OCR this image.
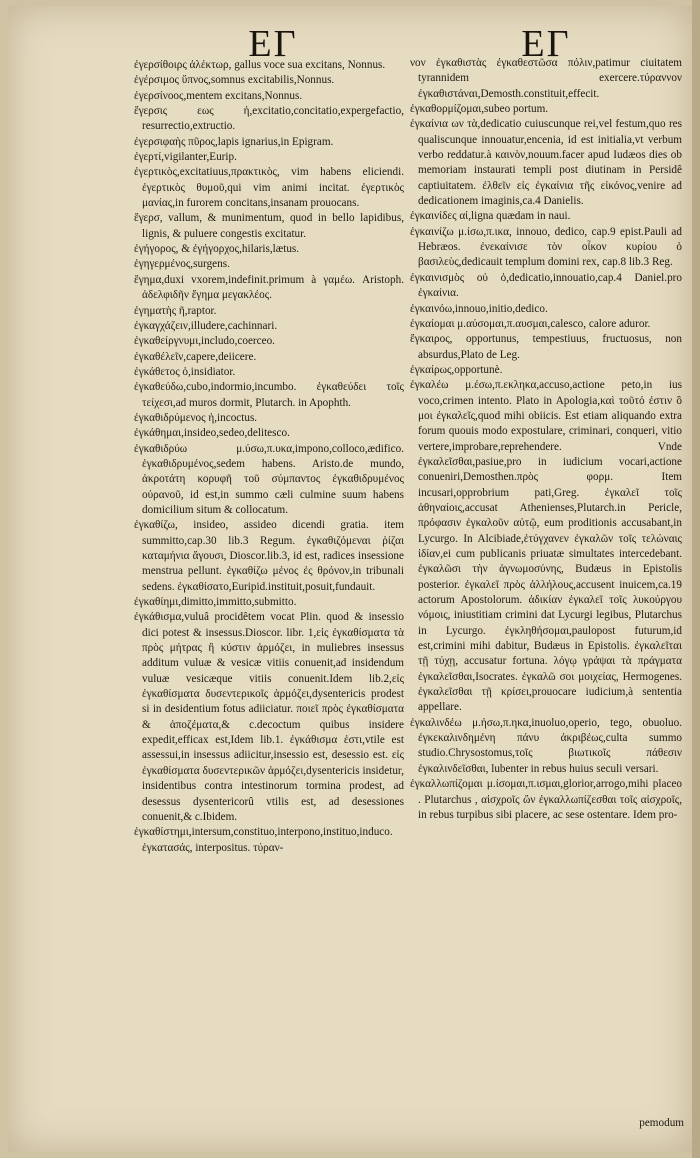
ΕΓ

ἐγερσίθοιρς ἀλέκτωρ, gallus voce sua excitans, Nonnus.

ἐγέρσιμος ὕπνος,somnus excitabilis,Nonnus.

ἐγερσίνοος,mentem excitans,Nonnus.

ἔγερσις εως ἡ,excitatio,concitatio,expergefactio, resurrectio,extructio.

ἐγερσιφαὴς πῦρος,lapis ignarius,in Epigram.

ἐγερτί,vigilanter,Eurip.

ἐγερτικὸς,excitatiuus,πρακτικὸς, vim habens eliciendi. ἐγερτικὸς θυμοῦ,qui vim animi incitat. ἐγερτικὸς μανίας,in furorem concitans,insanam prouocans.

ἔγερσ, vallum, & munimentum, quod in bello lapidibus, lignis, & puluere congestis excitatur.

ἐγήγορος, & ἐγήγορχος,hilaris,lætus.

ἐγηγερμένος,surgens.

ἔγημα,duxi vxorem,indefinit.primum à γαμέω. Aristoph. ἀδελφιδῆν ἔγημα μεγακλέος.

ἐγηματὴς ῆ,raptor.

ἐγκαγχάζειν,illudere,cachinnari.

ἐγκαθείργνυμι,includo,coerceo.

ἐγκαθέλεῖν,capere,deiicere.

ἐγκάθετος ὁ,insidiator.

ἐγκαθεύδω,cubo,indormio,incumbo. ἐγκαθεύδει τοῖς τείχεσι,ad muros dormit, Plutarch. in Apophth.

ἐγκαθιδρύμενος ἡ,incoctus.

ἐγκάθημαι,insideo,sedeo,delitesco.

ἐγκαθιδρύω μ.ύσω,π.υκα,impono,colloco,ædifico. ἐγκαθιδρυμένος,sedem habens. Aristo.de mundo, ἀκροτάτη κορυφῆ τοῦ σύμπαντος ἐγκαθιδρυμένος οὐρανοῦ, id est,in summo cæli culmine suum habens domicilium situm & collocatum.

ἐγκαθίζω, insideo, assideo dicendi gratia. item summitto,cap.30 lib.3 Regum. ἐγκαθιζόμεναι ῥίζαι καταμήνια ἄγουσι, Dioscor.lib.3, id est, radices insessione menstrua pellunt. ἐγκαθίζω μένος ἐς θρόνον,in tribunali sedens. ἐγκαθίσατο,Euripid.instituit,posuit,fundauit.

ἐγκαθίημι,dimitto,immitto,submitto.

ἐγκάθισμα,vuluâ procidêtem vocat Plin. quod & insessio dici potest & insessus.Dioscor. libr. 1,εἰς ἐγκαθίσματα τὰ πρὸς μήτρας ἢ κύστιν ἁρμόζει, in muliebres insessus additum vuluæ & vesicæ vitiis conuenit,ad insidendum vuluæ vesicæque vitiis conuenit.Idem lib.2,εἰς ἐγκαθίσματα δυσεντερικοῖς ἁρμόζει,dysentericis prodest si in desidentium fotus adiiciatur. ποιεῖ πρὸς ἐγκαθίσματα & ἀποζέματα,& c.decoctum quibus insidere expedit,efficax est,Idem lib.1. ἐγκάθισμα ἐστι,vtile est assessui,in insessus adiicitur,insessio est, desessio est. εἰς ἐγκαθίσματα δυσεντερικῶν ἁρμόζει,dysentericis insidetur, insidentibus contra intestinorum tormina prodest, ad desessus dysentericorû vtilis est, ad desessiones conuenit,& c.Ibidem.

ἐγκαθίστημι,intersum,constituo,interpono,instituo,induco. ἐγκατασάς, interpositus. τύραν-

ΕΓ

νον ἐγκαθιστὰς ἐγκαθεστῶσα πόλιν,patimur ciuitatem tyrannidem exercere.τύραννον ἐγκαθιστάναι,Demosth.constituit,effecit.

ἐγκαθορμίζομαι,subeo portum.

ἐγκαίνια ων τὰ,dedicatio cuiuscunque rei,vel festum,quo res qualiscunque innouatur,encenia, id est initialia,vt verbum verbo reddatur.à καινὸν,nouum.facer apud Iudæos dies ob memoriam instaurati templi post diutinam in Persidê captiuitatem. ἐλθεῖν εἰς ἐγκαίνια τῆς εἰκόνος,venire ad dedicationem imaginis,ca.4 Danielis.

ἐγκαινίδες αἱ,ligna quædam in naui.

ἐγκαινίζω μ.ίσω,π.ικα, innouo, dedico, cap.9 epist.Pauli ad Hebræos. ἐνεκαίνισε τὸν οἶκον κυρίου ὁ βασιλεὺς,dedicauit templum domini rex, cap.8 lib.3 Reg.

ἐγκαινισμὸς οὐ ὁ,dedicatio,innouatio,cap.4 Daniel.pro ἐγκαίνια.

ἐγκαινόω,innouo,initio,dedico.

ἐγκαίομαι μ.αύσομαι,π.αυσμαι,calesco, calore aduror.

ἔγκαιρος, opportunus, tempestiuus, fructuosus, non absurdus,Plato de Leg.

ἐγκαίρως,opportunè.

ἐγκαλέω μ.έσω,π.εκληκα,accuso,actione peto,in ius voco,crimen intento. Plato in Apologia,καὶ τοῦτό ἐστιν ὃ μοι ἐγκαλεῖς,quod mihi obiicis. Est etiam aliquando extra forum quouis modo expostulare, criminari, conqueri, vitio vertere,improbare,reprehendere. Vnde ἐγκαλεῖσθαι,pasiue,pro in iudicium vocari,actione conueniri,Demosthen.πρὸς φορμ. Item incusari,opprobrium pati,Greg. ἐγκαλεῖ τοῖς ἀθηναίοις,accusat Athenienses,Plutarch.in Pericle, πρόφασιν ἐγκαλοῦν αὐτῷ, eum proditionis accusabant,in Lycurgo. In Alcibiade,ἐτύγχανεν ἐγκαλῶν τοῖς τελώναις ἰδίαν,ei cum publicanis priuatæ simultates intercedebant. ἐγκαλῶσι τὴν ἀγνωμοσύνης, Budæus in Epistolis posterior. ἐγκαλεῖ πρὸς ἀλλήλους,accusent inuicem,ca.19 actorum Apostolorum. ἀδικίαν ἐγκαλεῖ τοῖς λυκούργου νόμοις, iniustitiam crimini dat Lycurgi legibus, Plutarchus in Lycurgo. ἐγκληθήσομαι,paulopost futurum,id est,crimini mihi dabitur, Budæus in Epistolis. ἐγκαλεῖται τῇ τύχῃ, accusatur fortuna. λόγῳ γράψαι τὰ πράγματα ἐγκαλεῖσθαι,Isocrates. ἐγκαλῶ σοι μοιχείας, Hermogenes. ἐγκαλεῖσθαι τῇ κρίσει,prouocare iudicium,à sententia appellare.

ἐγκαλινδέω μ.ήσω,π.ηκα,inuoluo,operio, tego, obuoluo. ἐγκεκαλινδημένη πάνυ ἀκριβέως,culta summo studio.Chrysostomus,τοῖς βιωτικοῖς πάθεσιν ἐγκαλινδεῖσθαι, lubenter in rebus huius seculi versari.

ἐγκαλλωπίζομαι μ.ίσομαι,π.ισμαι,glorior,arrogo,mihi placeo . Plutarchus , αἰσχροῖς ὥν ἐγκαλλωπίζεσθαι τοῖς αἰσχροῖς, in rebus turpibus sibi placere, ac sese ostentare. Idem pro-

pemodum
